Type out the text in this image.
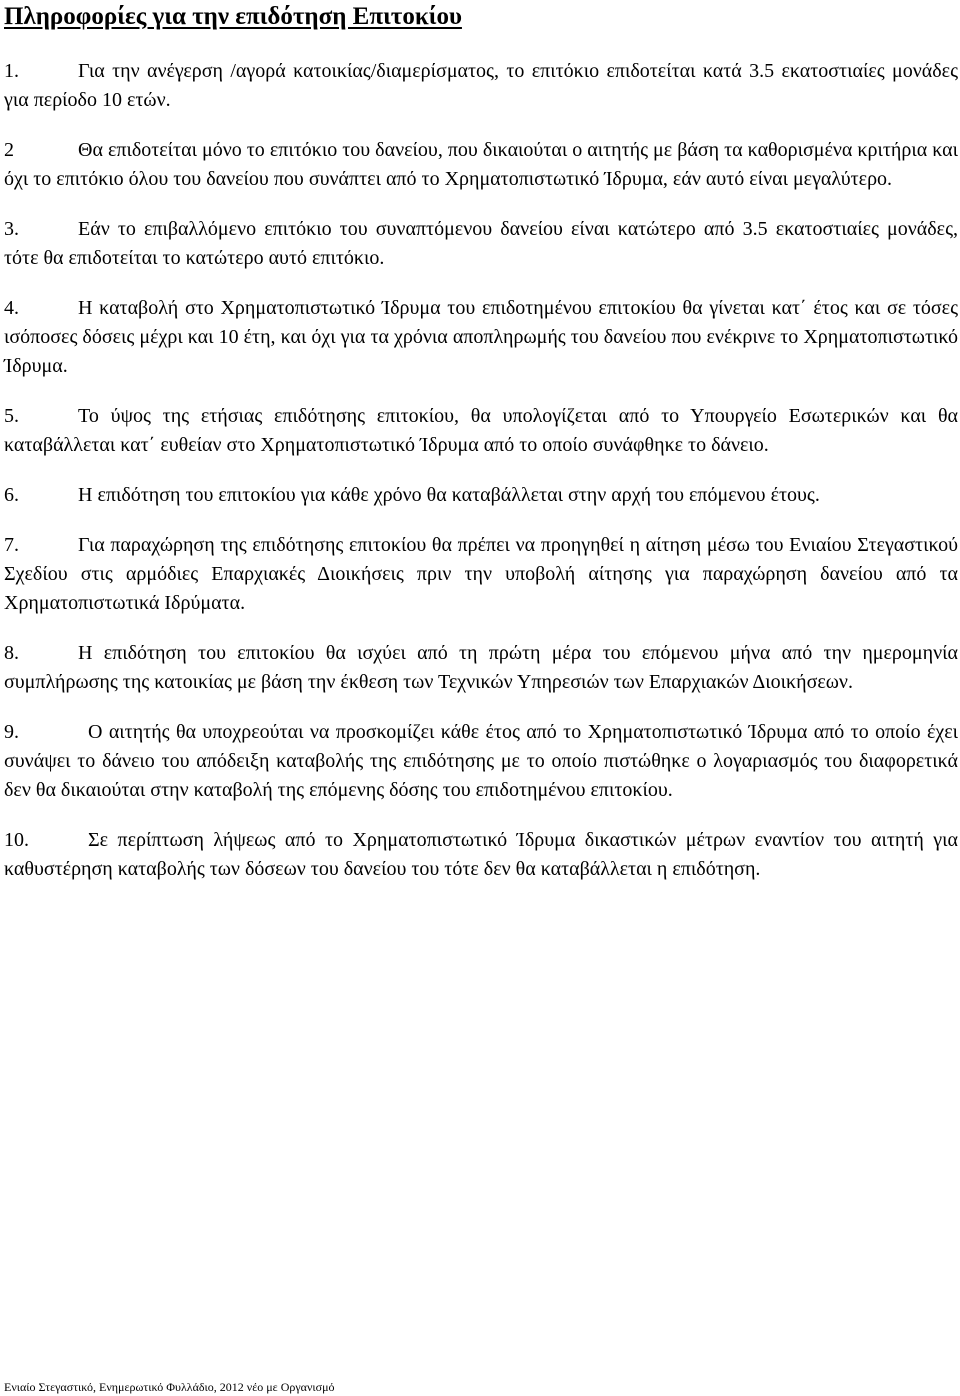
Πληροφορίες για την επιδότηση Επιτοκίου

1.	Για την ανέγερση /αγορά κατοικίας/διαμερίσματος, το επιτόκιο επιδοτείται κατά 3.5 εκατοστιαίες μονάδες για περίοδο 10 ετών.

2	Θα επιδοτείται μόνο το επιτόκιο του δανείου, που δικαιούται ο αιτητής με βάση τα καθορισμένα κριτήρια και όχι το επιτόκιο όλου του δανείου που συνάπτει από το Χρηματοπιστωτικό Ίδρυμα, εάν αυτό είναι μεγαλύτερο.

3.	Εάν το επιβαλλόμενο επιτόκιο του συναπτόμενου δανείου είναι κατώτερο από 3.5 εκατοστιαίες μονάδες, τότε θα επιδοτείται το κατώτερο αυτό επιτόκιο.

4.	Η καταβολή στο Χρηματοπιστωτικό Ίδρυμα του επιδοτημένου επιτοκίου θα γίνεται κατ΄ έτος και σε τόσες ισόποσες δόσεις μέχρι και 10 έτη, και όχι για τα χρόνια αποπληρωμής του δανείου που ενέκρινε το Χρηματοπιστωτικό Ίδρυμα.

5.	Το ύψος της ετήσιας επιδότησης επιτοκίου, θα υπολογίζεται από το Υπουργείο Εσωτερικών και θα καταβάλλεται κατ΄ ευθείαν στο Χρηματοπιστωτικό Ίδρυμα από το οποίο συνάφθηκε το δάνειο.

6.	Η επιδότηση του επιτοκίου για κάθε χρόνο θα καταβάλλεται στην αρχή του επόμενου έτους.

7.	Για παραχώρηση της επιδότησης επιτοκίου θα πρέπει να προηγηθεί η αίτηση μέσω του Ενιαίου Στεγαστικού Σχεδίου στις αρμόδιες Επαρχιακές Διοικήσεις πριν την υποβολή αίτησης για παραχώρηση δανείου από τα Χρηματοπιστωτικά Ιδρύματα.

8.	Η επιδότηση του επιτοκίου θα ισχύει από τη πρώτη μέρα του επόμενου μήνα από την ημερομηνία συμπλήρωσης της κατοικίας με βάση την έκθεση των Τεχνικών Υπηρεσιών των Επαρχιακών Διοικήσεων.

9.	Ο αιτητής θα υποχρεούται να προσκομίζει κάθε έτος από το Χρηματοπιστωτικό Ίδρυμα από το οποίο έχει συνάψει το δάνειο του απόδειξη καταβολής της επιδότησης με το οποίο πιστώθηκε ο λογαριασμός του διαφορετικά δεν θα δικαιούται στην καταβολή της επόμενης δόσης του επιδοτημένου επιτοκίου.

10.	Σε περίπτωση λήψεως από το Χρηματοπιστωτικό Ίδρυμα δικαστικών μέτρων εναντίον του αιτητή για καθυστέρηση καταβολής των δόσεων του δανείου του τότε δεν θα καταβάλλεται η επιδότηση.

Ενιαίο Στεγαστικό, Ενημερωτικό Φυλλάδιο, 2012 νέο με Οργανισμό
